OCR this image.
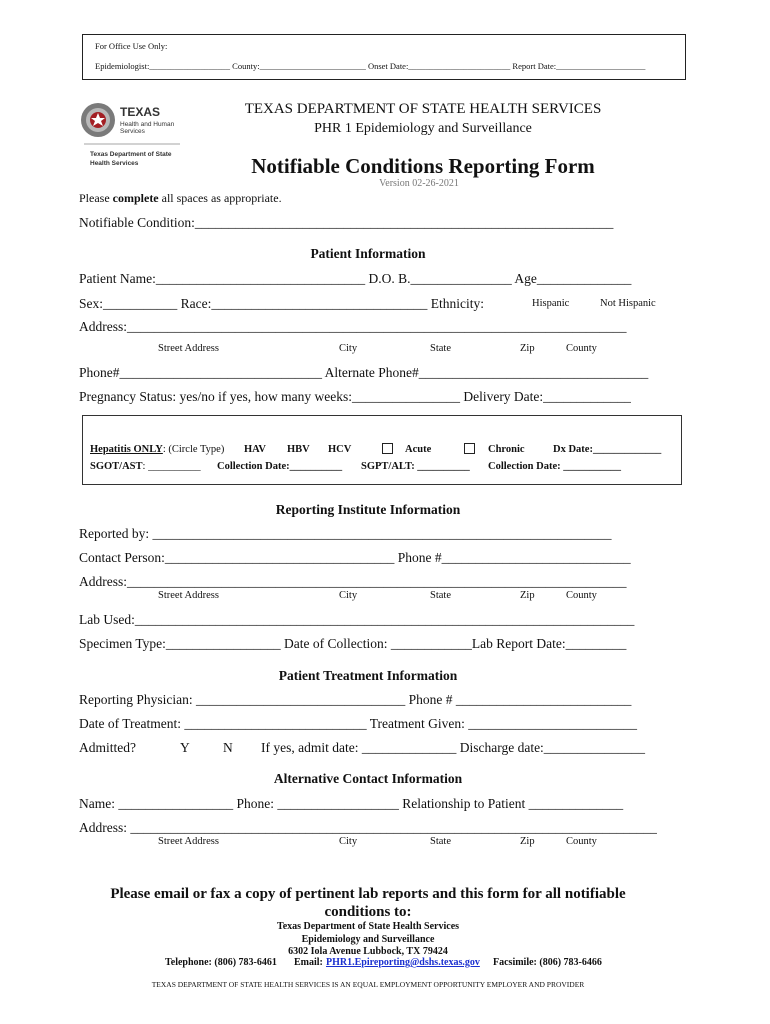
For Office Use Only:
Epidemiologist:___________________ County:_________________________ Onset Date:________________________ Report Date:_____________________
TEXAS
Health and Human
Services
Texas Department of State
Health Services
TEXAS DEPARTMENT OF STATE HEALTH SERVICES
PHR 1 Epidemiology and Surveillance
Notifiable Conditions Reporting Form
Version 02-26-2021
Please complete all spaces as appropriate.
Notifiable Condition:______________________________________________________________
Patient Information
Patient Name:_______________________________ D.O. B._______________ Age______________
Sex:___________ Race:________________________________ Ethnicity:	Hispanic	Not Hispanic
Address:__________________________________________________________________________
Street Address	City	State	Zip	County
Phone#______________________________ Alternate Phone#__________________________________
Pregnancy Status: yes/no if yes, how many weeks:________________ Delivery Date:_____________
Hepatitis ONLY: (Circle Type) HAV HBV HCV	Acute	Chronic	Dx Date:_____________
SGOT/AST: __________ Collection Date:__________ SGPT/ALT: __________ Collection Date: ___________
Reporting Institute Information
Reported by: ____________________________________________________________________
Contact Person:__________________________________ Phone #____________________________
Address:__________________________________________________________________________
Street Address	City	State	Zip	County
Lab Used:__________________________________________________________________________
Specimen Type:_________________ Date of Collection: ____________Lab Report Date:_________
Patient Treatment Information
Reporting Physician: _______________________________ Phone # __________________________
Date of Treatment: ___________________________ Treatment Given: _________________________
Admitted?	Y N If yes, admit date: ______________ Discharge date:_______________
Alternative Contact Information
Name: _________________ Phone: __________________ Relationship to Patient ______________
Address: ______________________________________________________________________________
Street Address	City	State	Zip	County
Please email or fax a copy of pertinent lab reports and this form for all notifiable
conditions to:
Texas Department of State Health Services
Epidemiology and Surveillance
6302 Iola Avenue Lubbock, TX 79424
Telephone: (806) 783-6461 Email: PHR1.Epireporting@dshs.texas.gov Facsimile: (806) 783-6466
TEXAS DEPARTMENT OF STATE HEALTH SERVICES IS AN EQUAL EMPLOYMENT OPPORTUNITY EMPLOYER AND PROVIDER
